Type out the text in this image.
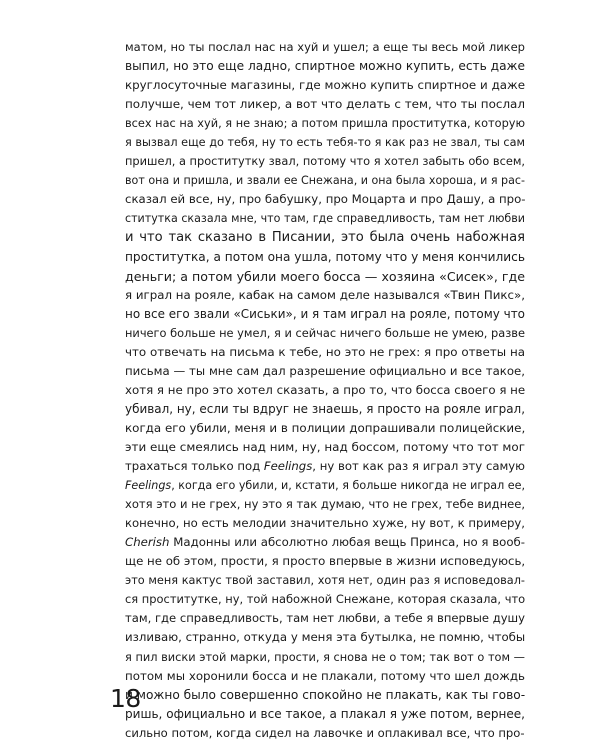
матом, но ты послал нас на хуй и ушел; а еще ты весь мой ликер
выпил, но это еще ладно, спиртное можно купить, есть даже
круглосуточные магазины, где можно купить спиртное и даже
получше, чем тот ликер, а вот что делать с тем, что ты послал
всех нас на хуй, я не знаю; а потом пришла проститутка, которую
я вызвал еще до тебя, ну то есть тебя-то я как раз не звал, ты сам
пришел, а проститутку звал, потому что я хотел забыть обо всем,
вот она и пришла, и звали ее Снежана, и она была хороша, и я рас-
сказал ей все, ну, про бабушку, про Моцарта и про Дашу, а про-
ститутка сказала мне, что там, где справедливость, там нет любви
и что так сказано в Писании, это была очень набожная
проститутка, а потом она ушла, потому что у меня кончились
деньги; а потом убили моего босса — хозяина «Сисек», где
я играл на рояле, кабак на самом деле назывался «Твин Пикс»,
но все его звали «Сиськи», и я там играл на рояле, потому что
ничего больше не умел, я и сейчас ничего больше не умею, разве
что отвечать на письма к тебе, но это не грех: я про ответы на
письма — ты мне сам дал разрешение официально и все такое,
хотя я не про это хотел сказать, а про то, что босса своего я не
убивал, ну, если ты вдруг не знаешь, я просто на рояле играл,
когда его убили, меня и в полиции допрашивали полицейские,
эти еще смеялись над ним, ну, над боссом, потому что тот мог
трахаться только под Feelings, ну вот как раз я играл эту самую
Feelings, когда его убили, и, кстати, я больше никогда не играл ее,
хотя это и не грех, ну это я так думаю, что не грех, тебе виднее,
конечно, но есть мелодии значительно хуже, ну вот, к примеру,
Cherish Мадонны или абсолютно любая вещь Принса, но я вооб-
ще не об этом, прости, я просто впервые в жизни исповедуюсь,
это меня кактус твой заставил, хотя нет, один раз я исповедовал-
ся проститутке, ну, той набожной Снежане, которая сказала, что
там, где справедливость, там нет любви, а тебе я впервые душу
изливаю, странно, откуда у меня эта бутылка, не помню, чтобы
я пил виски этой марки, прости, я снова не о том; так вот о том —
потом мы хоронили босса и не плакали, потому что шел дождь
и можно было совершенно спокойно не плакать, как ты гово-
ришь, официально и все такое, а плакал я уже потом, вернее,
сильно потом, когда сидел на лавочке и оплакивал все, что про-
18
